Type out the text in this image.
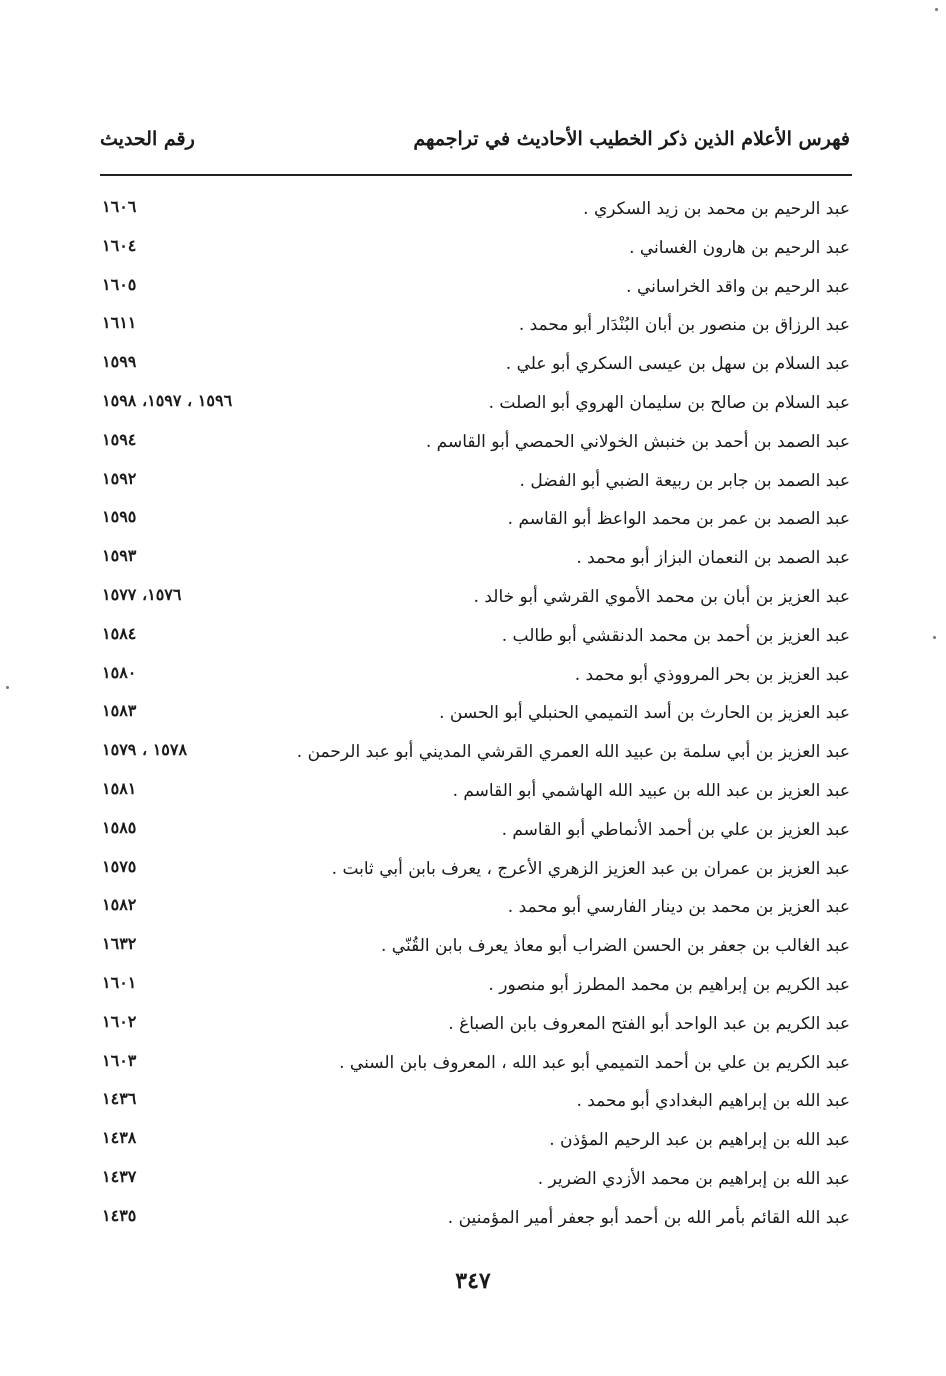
فهرس الأعلام الذين ذكر الخطيب الأحاديث في تراجمهم
رقم الحديث
عبد الرحيم بن محمد بن زيد السكري .
١٦٠٦
عبد الرحيم بن هارون الغساني .
١٦٠٤
عبد الرحيم بن واقد الخراساني .
١٦٠٥
عبد الرزاق بن منصور بن أبان البُنْدَار أبو محمد .
١٦١١
عبد السلام بن سهل بن عيسى السكري أبو علي .
١٥٩٩
عبد السلام بن صالح بن سليمان الهروي أبو الصلت .
١٥٩٦ ، ١٥٩٧، ١٥٩٨
عبد الصمد بن أحمد بن خنبش الخولاني الحمصي أبو القاسم .
١٥٩٤
عبد الصمد بن جابر بن ربيعة الضبي أبو الفضل .
١٥٩٢
عبد الصمد بن عمر بن محمد الواعظ أبو القاسم .
١٥٩٥
عبد الصمد بن النعمان البزاز أبو محمد .
١٥٩٣
عبد العزيز بن أبان بن محمد الأموي القرشي أبو خالد .
١٥٧٦، ١٥٧٧
عبد العزيز بن أحمد بن محمد الدنقشي أبو طالب .
١٥٨٤
عبد العزيز بن بحر المرووذي أبو محمد .
١٥٨٠
عبد العزيز بن الحارث بن أسد التميمي الحنبلي أبو الحسن .
١٥٨٣
عبد العزيز بن أبي سلمة بن عبيد الله العمري القرشي المديني أبو عبد الرحمن .
١٥٧٨ ، ١٥٧٩
عبد العزيز بن عبد الله بن عبيد الله الهاشمي أبو القاسم .
١٥٨١
عبد العزيز بن علي بن أحمد الأنماطي أبو القاسم .
١٥٨٥
عبد العزيز بن عمران بن عبد العزيز الزهري الأعرج ، يعرف بابن أبي ثابت .
١٥٧٥
عبد العزيز بن محمد بن دينار الفارسي أبو محمد .
١٥٨٢
عبد الغالب بن جعفر بن الحسن الضراب أبو معاذ يعرف بابن القُنّي .
١٦٣٢
عبد الكريم بن إبراهيم بن محمد المطرز أبو منصور .
١٦٠١
عبد الكريم بن عبد الواحد أبو الفتح المعروف بابن الصباغ .
١٦٠٢
عبد الكريم بن علي بن أحمد التميمي أبو عبد الله ، المعروف بابن السني .
١٦٠٣
عبد الله بن إبراهيم البغدادي أبو محمد .
١٤٣٦
عبد الله بن إبراهيم بن عبد الرحيم المؤذن .
١٤٣٨
عبد الله بن إبراهيم بن محمد الأزدي الضرير .
١٤٣٧
عبد الله القائم بأمر الله بن أحمد أبو جعفر أمير المؤمنين .
١٤٣٥
٣٤٧
